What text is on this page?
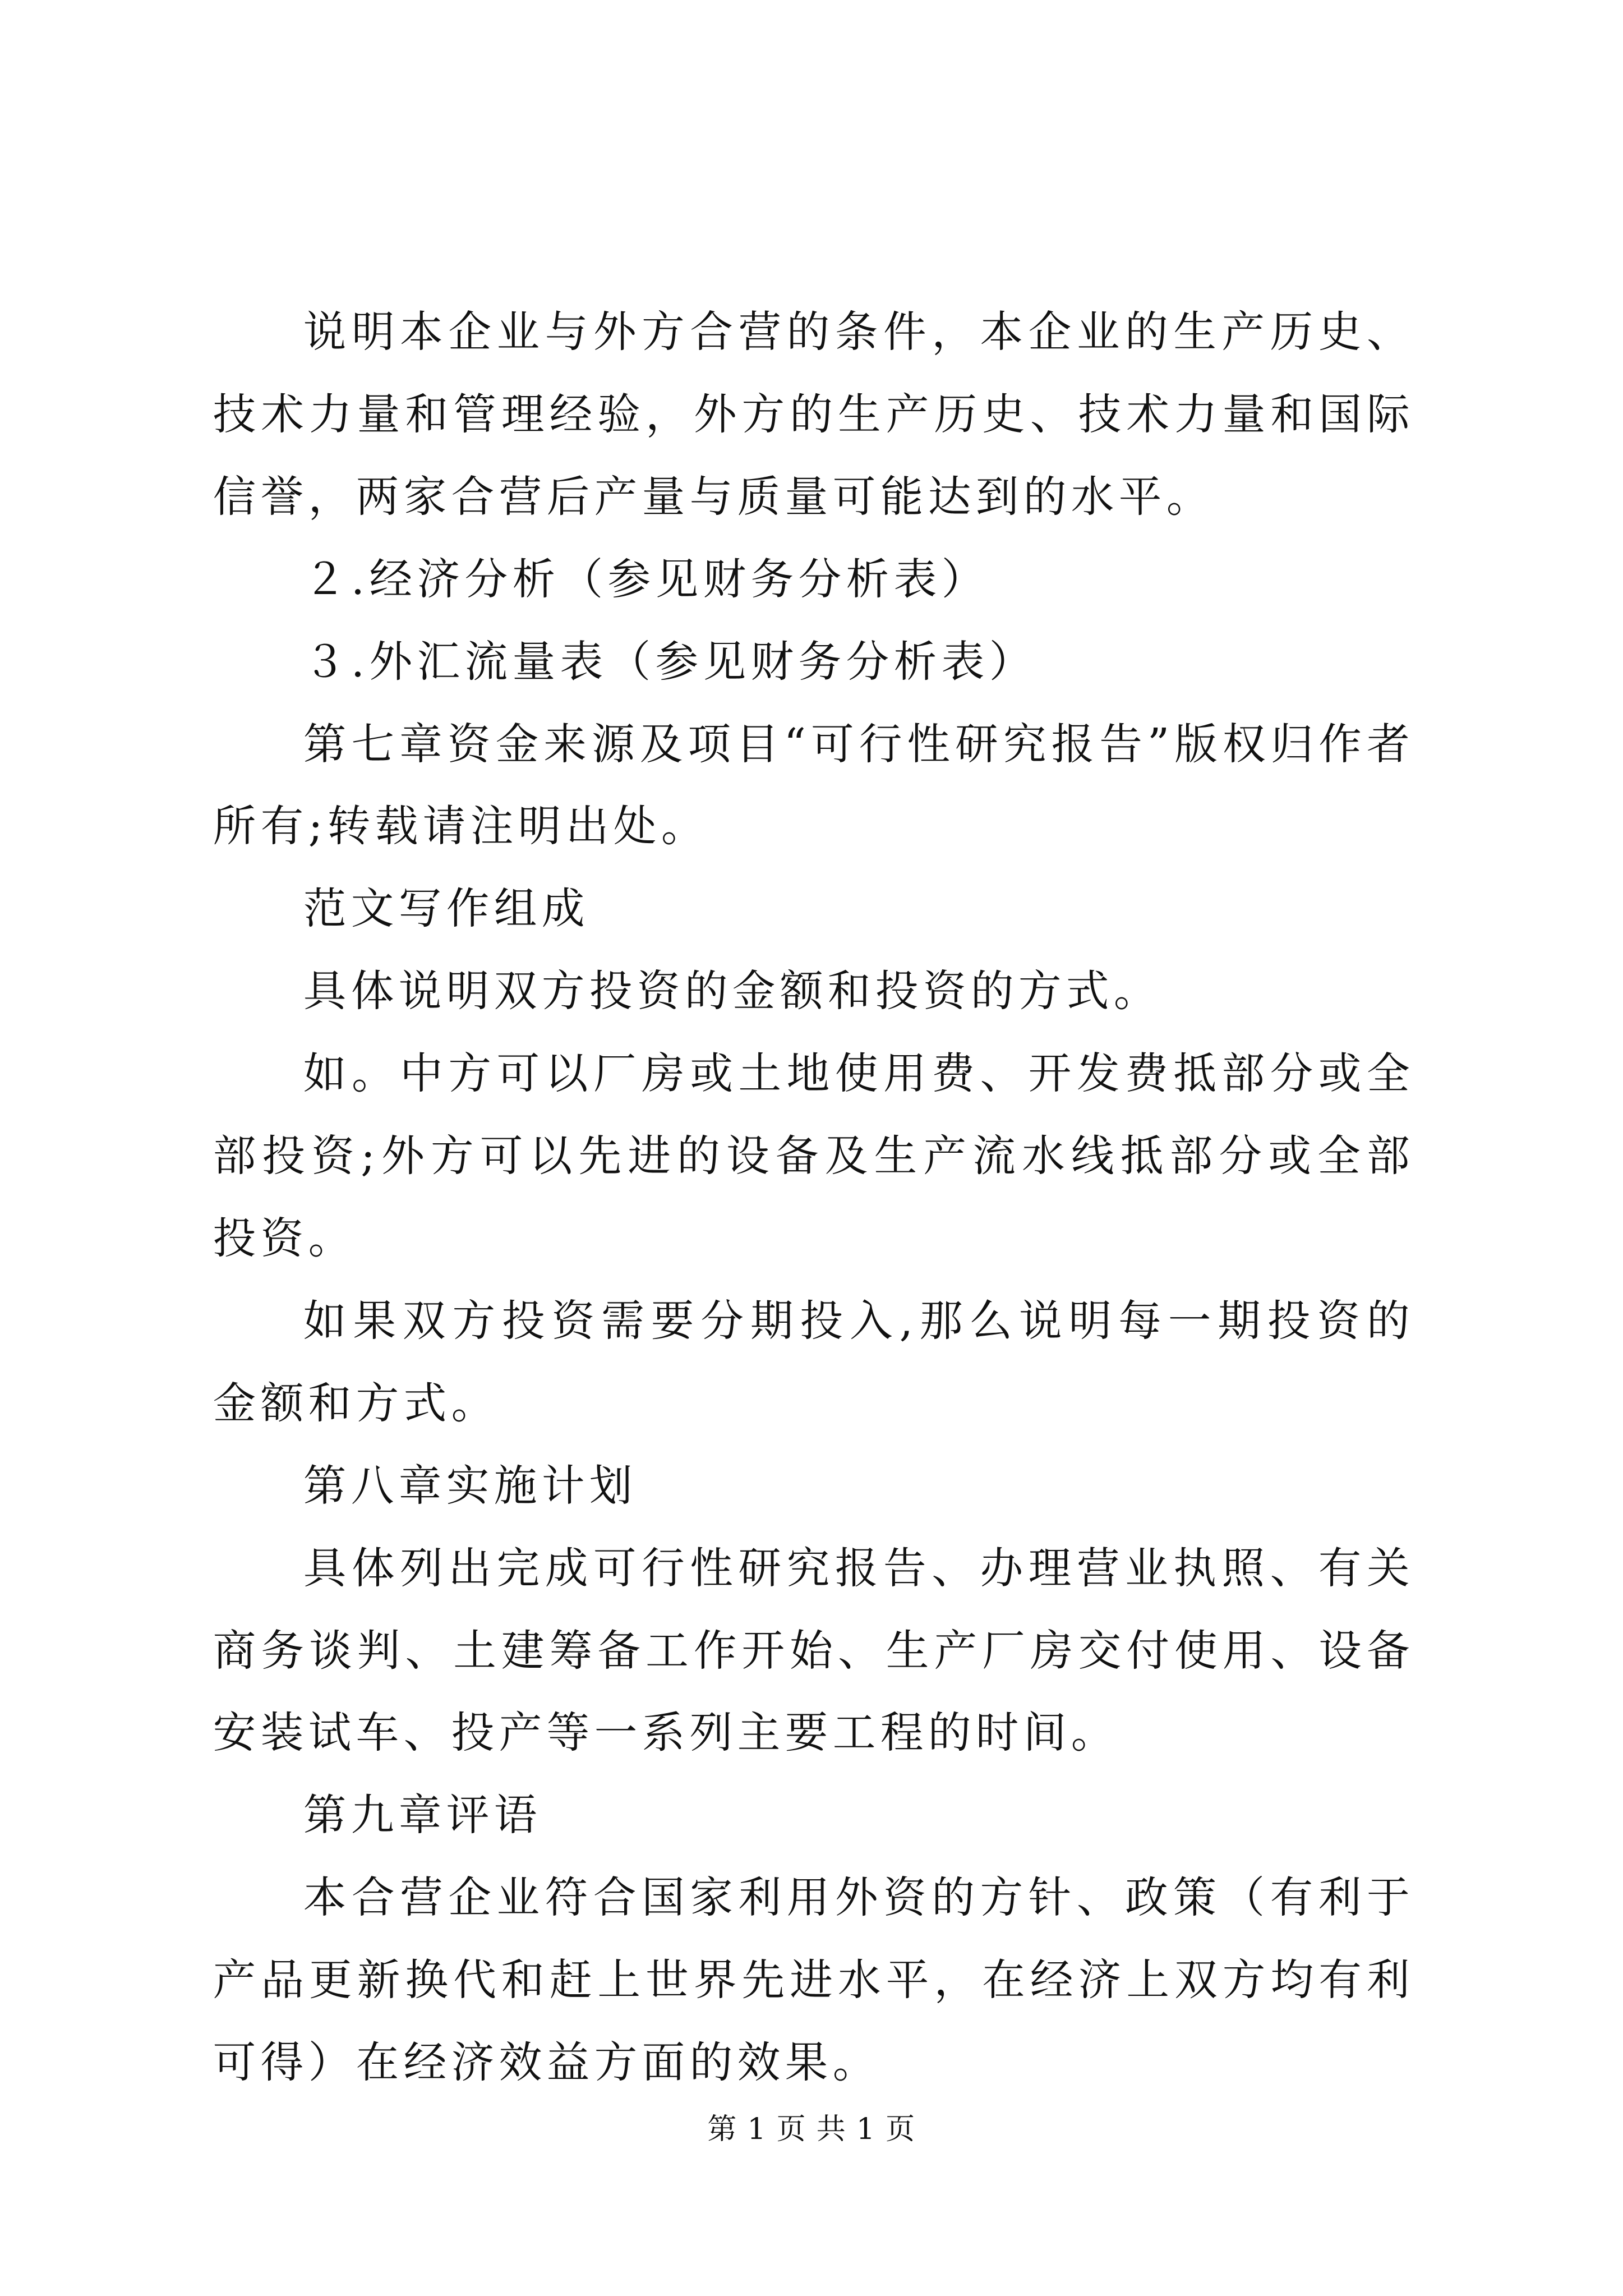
说明本企业与外方合营的条件，本企业的生产历史、技术力量和管理经验，外方的生产历史、技术力量和国际信誉，两家合营后产量与质量可能达到的水平。

２.经济分析（参见财务分析表）

３.外汇流量表（参见财务分析表）

第七章资金来源及项目“可行性研究报告”版权归作者所有;转载请注明出处。

范文写作组成

具体说明双方投资的金额和投资的方式。

如。中方可以厂房或土地使用费、开发费抵部分或全部投资;外方可以先进的设备及生产流水线抵部分或全部投资。

如果双方投资需要分期投入,那么说明每一期投资的金额和方式。

第八章实施计划

具体列出完成可行性研究报告、办理营业执照、有关商务谈判、土建筹备工作开始、生产厂房交付使用、设备安装试车、投产等一系列主要工程的时间。

第九章评语

本合营企业符合国家利用外资的方针、政策（有利于产品更新换代和赶上世界先进水平，在经济上双方均有利可得）在经济效益方面的效果。

第 1 页 共 1 页
